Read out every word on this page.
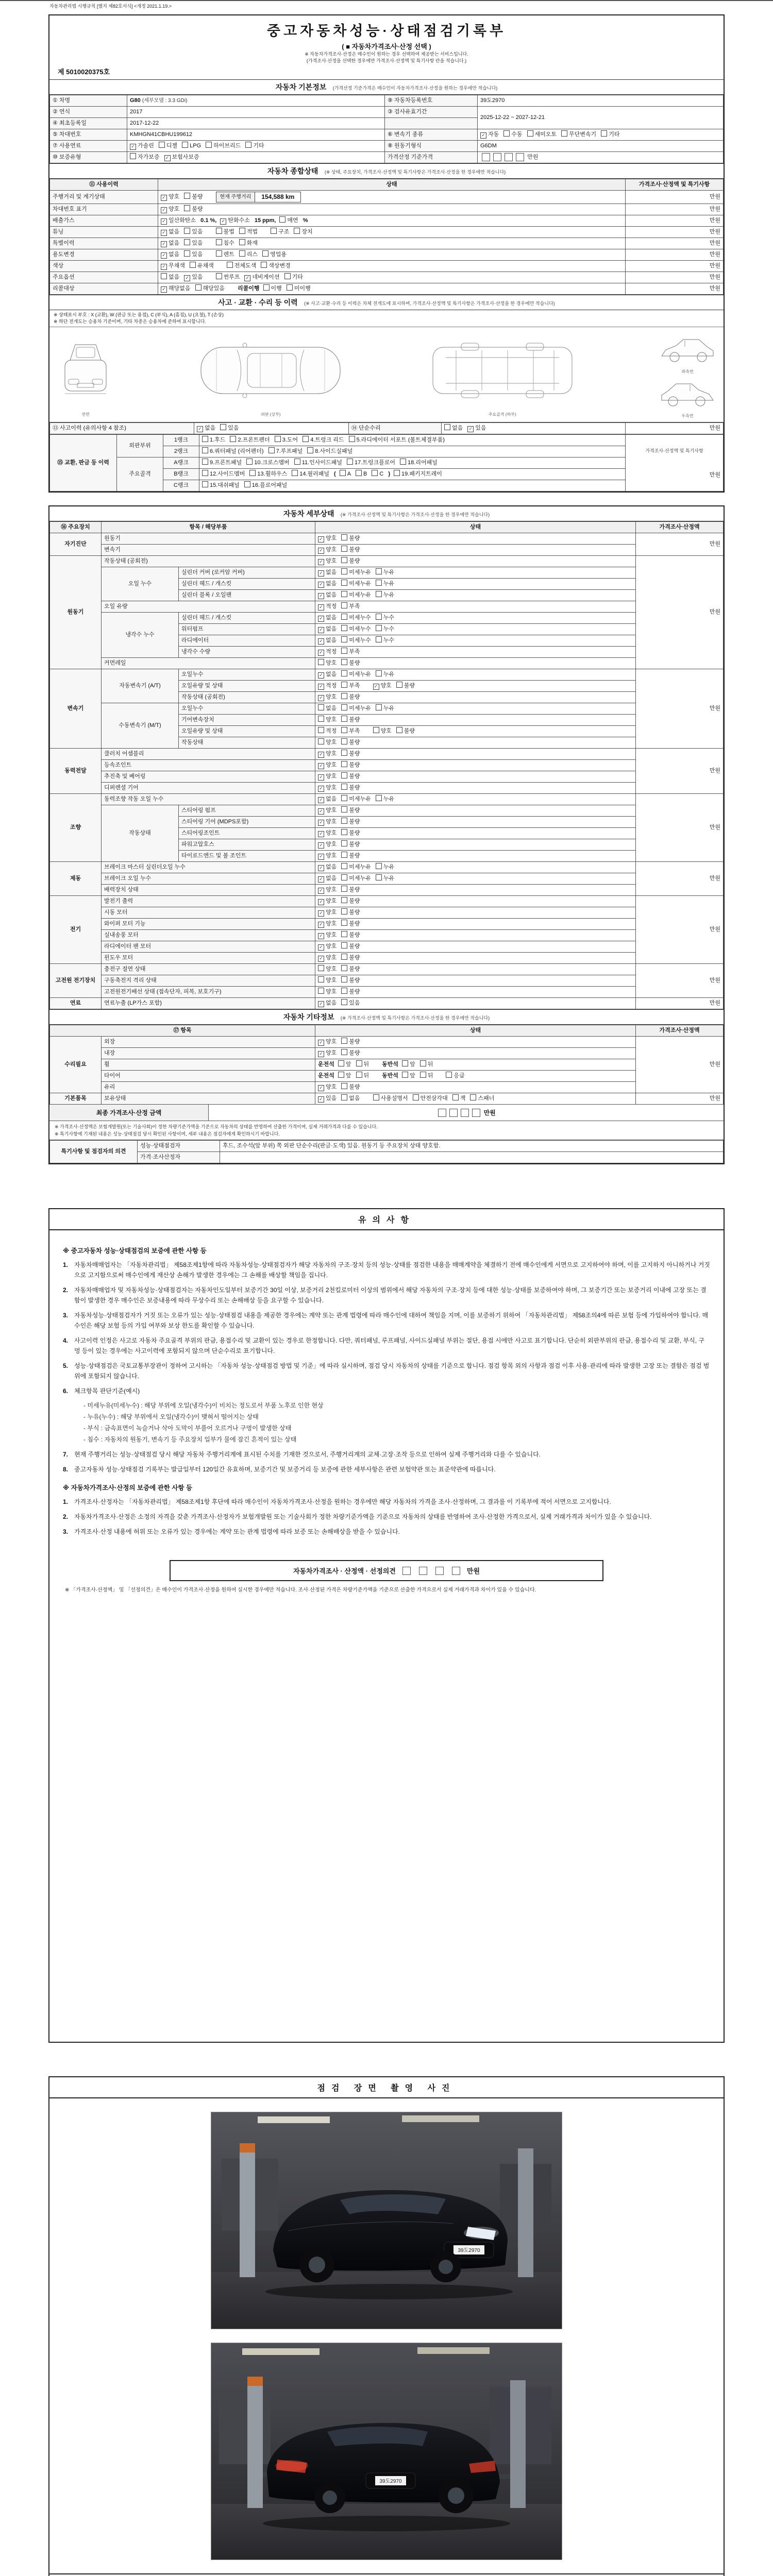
자동차관리법 시행규칙 [별지 제82호서식] <개정 2021.1.19.>
중고자동차성능·상태점검기록부
( ■ 자동차가격조사·산정 선택 )
※ 자동차가격조사·산정은 매수인이 원하는 경우 선택하여 제공받는 서비스입니다.
(가격조사·산정을 선택한 경우에만 가격조사·산정액 및 특기사항 란을 적습니다.)
제 5010020375호
자동차 기본정보 (가격산정 기준가격은 매수인이 자동차가격조사·산정을 원하는 경우에만 적습니다)
① 차명	G80 (세부모델 : 3.3 GDi)	⑨ 자동차등록번호	39도2970
② 연식	2017	③ 검사유효기간	2025-12-22 ~ 2027-12-21
④ 최초등록일	2017-12-22		
⑤ 차대번호	KMHGN41CBHU199612	⑥ 변속기 종류	✓ 자동 수동 세미오토 무단변속기 기타
⑦ 사용연료	✓ 가솔린 디젤 LPG 하이브리드 기타	⑧ 원동기형식	G6DM
⑩ 보증유형	자가보증 ✓ 보험사보증	가격산정 기준가격	만원
자동차 종합상태 (※ 상태, 주요장치, 가격조사·산정액 및 특기사항은 가격조사·산정을 한 경우에만 적습니다)
⑪ 사용이력	상태	가격조사·산정액 및 특기사항
주행거리 및 계기상태	✓ 양호 불량 현재 주행거리 154,588 km	만원
차대번호 표기	✓ 양호 불량	만원
배출가스	✓ 일산화탄소 0.1 %, ✓ 탄화수소 15 ppm, 매연 %	만원
튜닝	✓ 없음 있음 불법 적법 구조 장치	만원
특별이력	✓ 없음 있음 침수 화재	만원
용도변경	✓ 없음 있음 렌트 리스 영업용	만원
색상	✓ 무채색 유채색 전체도색 색상변경	만원
주요옵션	없음 ✓ 있음 썬루프 ✓ 네비게이션 기타	만원
리콜대상	✓ 해당없음 해당있음 리콜이행 이행 미이행	만원
사고 · 교환 · 수리 등 이력 (※ 사고·교환·수리 등 이력은 차체 전개도에 표시하며, 가격조사·산정액 및 특기사항은 가격조사·산정을 한 경우에만 적습니다)
※ 상태표시 부호 : X (교환), W (판금 또는 용접), C (부식), A (흠집), U (요철), T (손상)
※ 하단 전개도는 승용차 기준이며, 기타 차종은 승용차에 준하여 표시합니다.
전면	외판 (상부)	주요골격 (하부)
좌측면
우측면
⑬ 사고이력 (유의사항 4 참조)	✓ 없음 있음	⑭ 단순수리	없음 ✓ 있음	만원
⑮ 교환, 판금 등 이력	외판부위	1랭크	1.후드 2.프론트펜더 3.도어 4.트렁크 리드 5.라디에이터 서포트 (볼트체결부품)	가격조사·산정액 및 특기사항
만원

		2랭크	6.쿼터패널 (리어펜더) 7.루프패널 8.사이드실패널	
	주요골격	A랭크	9.프론트패널 10.크로스멤버 11.인사이드패널 17.트렁크플로어 18.리어패널	
		B랭크	12.사이드멤버 13.휠하우스 14.필러패널 ( A B C ) 19.패키지트레이	
		C랭크	15.대쉬패널 16.플로어패널	
자동차 세부상태 (※ 가격조사·산정액 및 특기사항은 가격조사·산정을 한 경우에만 적습니다)
⑯ 주요장치	항목 / 해당부품		상태	가격조사·산정액
자기진단	원동기		✓ 양호 불량	만원
	변속기		✓ 양호 불량	
원동기	작동상태 (공회전)		✓ 양호 불량	만원
	오일 누수	실린더 커버 (로커암 커버)	✓ 없음 미세누유 누유	
		실린더 헤드 / 개스킷	✓ 없음 미세누유 누유	
		실린더 블록 / 오일팬	✓ 없음 미세누유 누유	
	오일 유량		✓ 적정 부족	
	냉각수 누수	실린더 헤드 / 개스킷	✓ 없음 미세누수 누수	
		워터펌프	✓ 없음 미세누수 누수	
		라디에이터	✓ 없음 미세누수 누수	
		냉각수 수량	✓ 적정 부족	
	커먼레일		양호 불량	
변속기	자동변속기 (A/T)	오일누수	✓ 없음 미세누유 누유	만원
		오일유량 및 상태	✓ 적정 부족 ✓ 양호 불량	
		작동상태 (공회전)	✓ 양호 불량	
	수동변속기 (M/T)	오일누수	없음 미세누유 누유	
		기어변속장치	양호 불량	
		오일유량 및 상태	적정 부족 양호 불량	
		작동상태	양호 불량	
동력전달	클러치 어셈블리		✓ 양호 불량	만원
	등속조인트		✓ 양호 불량	
	추진축 및 베어링		✓ 양호 불량	
	디퍼렌셜 기어		✓ 양호 불량	
조향	동력조향 작동 오일 누수		✓ 없음 미세누유 누유	만원
	작동상태	스티어링 펌프	✓ 양호 불량	
		스티어링 기어 (MDPS포함)	✓ 양호 불량	
		스티어링조인트	✓ 양호 불량	
		파워고압호스	✓ 양호 불량	
		타이로드엔드 및 볼 조인트	✓ 양호 불량	
제동	브레이크 마스터 실린더오일 누수		✓ 없음 미세누유 누유	만원
	브레이크 오일 누수		✓ 없음 미세누유 누유	
	배력장치 상태		✓ 양호 불량	
전기	발전기 출력		✓ 양호 불량	만원
	시동 모터		✓ 양호 불량	
	와이퍼 모터 기능		✓ 양호 불량	
	실내송풍 모터		✓ 양호 불량	
	라디에이터 팬 모터		✓ 양호 불량	
	윈도우 모터		✓ 양호 불량	
고전원 전기장치	충전구 절연 상태		양호 불량	만원
	구동축전지 격리 상태		양호 불량	
	고전원전기배선 상태 (접속단자, 피복, 보호기구)		양호 불량	
연료	연료누출 (LP가스 포함)		✓ 없음 있음	만원
자동차 기타정보 (※ 가격조사·산정액 및 특기사항은 가격조사·산정을 한 경우에만 적습니다)
⑰ 항목		상태	가격조사·산정액
수리필요	외장	✓ 양호 불량	만원
	내장	✓ 양호 불량	
	휠	운전석 앞 뒤 동반석 앞 뒤	
	타이어	운전석 앞 뒤 동반석 앞 뒤 응급	
	유리	✓ 양호 불량	
기본품목	보유상태	✓ 있음 없음 사용설명서 안전삼각대 잭 스패너	만원
최종 가격조사·산정 금액	만원
※ 가격조사·산정액은 보험개발원(또는 기술사회)이 정한 차량기준가액을 기준으로 자동차의 상태를 반영하여 산출한 가격이며, 실제 거래가격과 다를 수 있습니다.
※ 특기사항에 기재된 내용은 성능·상태점검 당시 확인된 사항이며, 세부 내용은 점검자에게 확인하시기 바랍니다.
특기사항 및 점검자의 의견	성능·상태점검자	후드, 조수석(앞 부위) 쪽 외판 단순수리(판금·도색) 있음. 원동기 등 주요장치 상태 양호함.
	가격·조사산정자	
유의사항
※ 중고자동차 성능·상태점검의 보증에 관한 사항 등
1. 자동차매매업자는 「자동차관리법」 제58조제1항에 따라 자동차성능·상태점검자가 해당 자동차의 구조·장치 등의 성능·상태를 점검한 내용을 매매계약을 체결하기 전에 매수인에게 서면으로 고지하여야 하며, 이를 고지하지 아니하거나 거짓으로 고지함으로써 매수인에게 재산상 손해가 발생한 경우에는 그 손해를 배상할 책임을 집니다.
2. 자동차매매업자 및 자동차성능·상태점검자는 자동차인도일부터 보증기간 30일 이상, 보증거리 2천킬로미터 이상의 범위에서 해당 자동차의 구조·장치 등에 대한 성능·상태를 보증하여야 하며, 그 보증기간 또는 보증거리 이내에 고장 또는 결함이 발생한 경우 매수인은 보증내용에 따라 무상수리 또는 손해배상 등을 요구할 수 있습니다.
3. 자동차성능·상태점검자가 거짓 또는 오류가 있는 성능·상태점검 내용을 제공한 경우에는 계약 또는 관계 법령에 따라 매수인에 대하여 책임을 지며, 이를 보증하기 위하여 「자동차관리법」 제58조의4에 따른 보험 등에 가입하여야 합니다. 매수인은 해당 보험 등의 가입 여부와 보상 한도를 확인할 수 있습니다.
4. 사고이력 인정은 사고로 자동차 주요골격 부위의 판금, 용접수리 및 교환이 있는 경우로 한정합니다. 다만, 쿼터패널, 루프패널, 사이드실패널 부위는 절단, 용접 시에만 사고로 표기합니다. 단순히 외판부위의 판금, 용접수리 및 교환, 부식, 구멍 등이 있는 경우에는 사고이력에 포함되지 않으며 단순수리로 표기합니다.
5. 성능·상태점검은 국토교통부장관이 정하여 고시하는 「자동차 성능·상태점검 방법 및 기준」에 따라 실시하며, 점검 당시 자동차의 상태를 기준으로 합니다. 점검 항목 외의 사항과 점검 이후 사용·관리에 따라 발생한 고장 또는 결함은 점검 범위에 포함되지 않습니다.
6. 체크항목 판단기준(예시)
- 미세누유(미세누수) : 해당 부위에 오일(냉각수)이 비치는 정도로서 부품 노후로 인한 현상
- 누유(누수) : 해당 부위에서 오일(냉각수)이 맺혀서 떨어지는 상태
- 부식 : 금속표면이 녹슬거나 삭아 도막이 부풀어 오르거나 구멍이 발생한 상태
- 침수 : 자동차의 원동기, 변속기 등 주요장치 일부가 물에 잠긴 흔적이 있는 상태
7. 현재 주행거리는 성능·상태점검 당시 해당 자동차 주행거리계에 표시된 수치를 기재한 것으로서, 주행거리계의 교체·고장·조작 등으로 인하여 실제 주행거리와 다를 수 있습니다.
8. 중고자동차 성능·상태점검 기록부는 발급일부터 120일간 유효하며, 보증기간 및 보증거리 등 보증에 관한 세부사항은 관련 보험약관 또는 표준약관에 따릅니다.
※ 자동차가격조사·산정의 보증에 관한 사항 등
1. 가격조사·산정자는 「자동차관리법」 제58조제1항 후단에 따라 매수인이 자동차가격조사·산정을 원하는 경우에만 해당 자동차의 가격을 조사·산정하며, 그 결과를 이 기록부에 적어 서면으로 고지합니다.
2. 자동차가격조사·산정은 소정의 자격을 갖춘 가격조사·산정자가 보험개발원 또는 기술사회가 정한 차량기준가액을 기준으로 자동차의 상태를 반영하여 조사·산정한 가격으로서, 실제 거래가격과 차이가 있을 수 있습니다.
3. 가격조사·산정 내용에 허위 또는 오류가 있는 경우에는 계약 또는 관계 법령에 따라 보증 또는 손해배상을 받을 수 있습니다.
자동차가격조사 · 산정액 · 선정의견	만원
※ 「가격조사·산정액」 및 「선정의견」은 매수인이 가격조사·산정을 원하여 실시한 경우에만 적습니다. 조사·산정된 가격은 차량기준가액을 기준으로 산출한 가격으로서 실제 거래가격과 차이가 있을 수 있습니다.
점검 장면 촬영 사진
39도2970
39도2970
